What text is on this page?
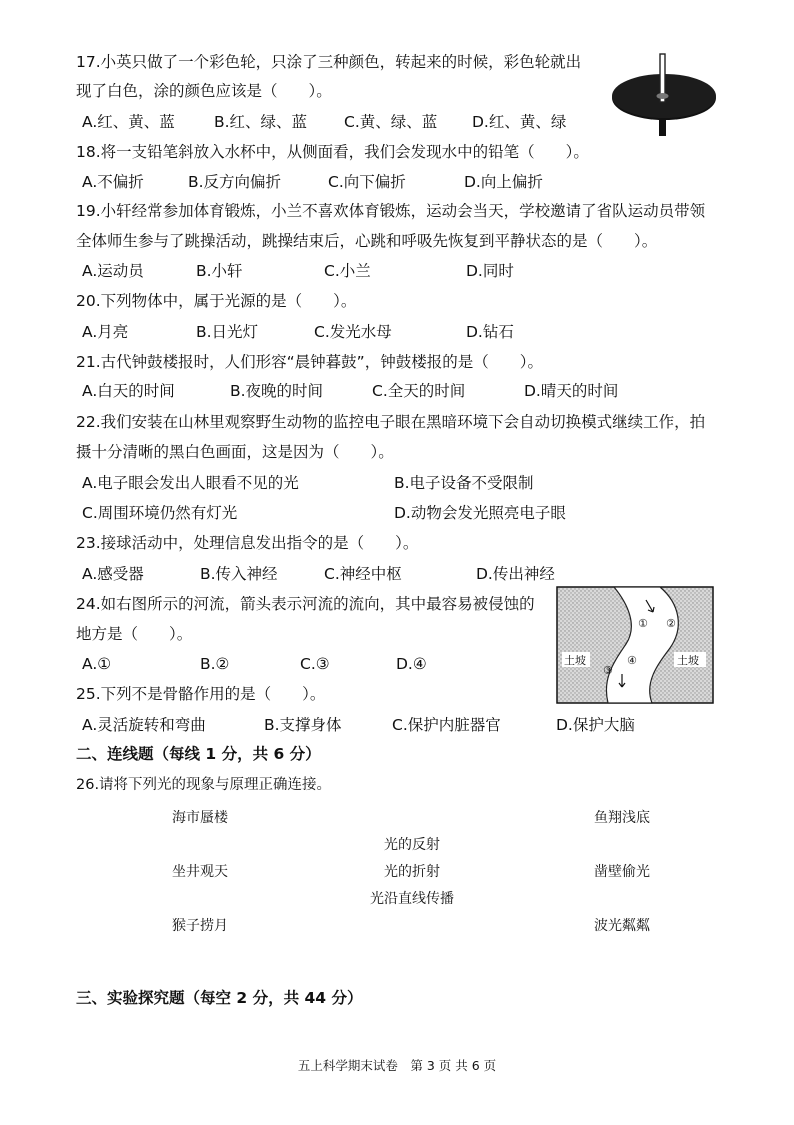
17.小英只做了一个彩色轮，只涂了三种颜色，转起来的时候，彩色轮就出
现了白色，涂的颜色应该是（　　）。
A.红、黄、蓝	B.红、绿、蓝 C.黄、绿、蓝 D.红、黄、绿
18.将一支铅笔斜放入水杯中，从侧面看，我们会发现水中的铅笔（　　）。
A.不偏折	B.反方向偏折	C.向下偏折	D.向上偏折
19.小轩经常参加体育锻炼，小兰不喜欢体育锻炼，运动会当天，学校邀请了省队运动员带领
全体师生参与了跳操活动，跳操结束后，心跳和呼吸先恢复到平静状态的是（　　）。
A.运动员	B.小轩	C.小兰	D.同时
20.下列物体中，属于光源的是（　　）。
A.月亮	B.日光灯	C.发光水母	D.钻石
21.古代钟鼓楼报时，人们形容“晨钟暮鼓”，钟鼓楼报的是（　　）。
A.白天的时间	B.夜晚的时间	C.全天的时间	D.晴天的时间
22.我们安装在山林里观察野生动物的监控电子眼在黑暗环境下会自动切换模式继续工作，拍
摄十分清晰的黑白色画面，这是因为（　　）。
A.电子眼会发出人眼看不见的光	B.电子设备不受限制
C.周围环境仍然有灯光	D.动物会发光照亮电子眼
23.接球活动中，处理信息发出指令的是（　　）。
A.感受器	B.传入神经	C.神经中枢	D.传出神经
24.如右图所示的河流，箭头表示河流的流向，其中最容易被侵蚀的
地方是（　　）。
A.①	B.②	C.③	D.④
① ②
③
④
土坡	土坡
25.下列不是骨骼作用的是（　　）。
A.灵活旋转和弯曲	B.支撑身体	C.保护内脏器官	D.保护大脑
二、连线题（每线 1 分，共 6 分）
26.请将下列光的现象与原理正确连接。
海市蜃楼
坐井观天
猴子捞月
光的反射
光的折射
光沿直线传播
鱼翔浅底
凿壁偷光
波光粼粼
三、实验探究题（每空 2 分，共 44 分）
五上科学期末试卷　第 3 页 共 6 页
